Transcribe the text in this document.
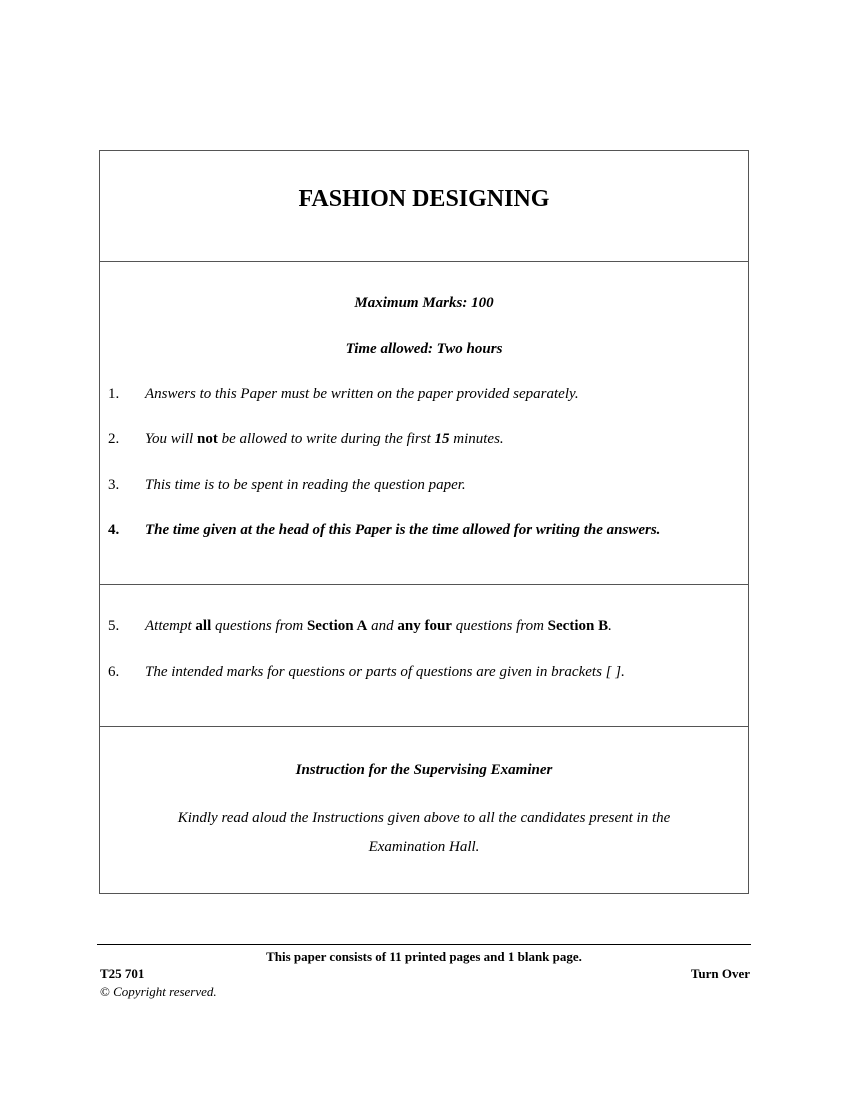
FASHION DESIGNING
Maximum Marks: 100
Time allowed: Two hours
1. Answers to this Paper must be written on the paper provided separately.
2. You will not be allowed to write during the first 15 minutes.
3. This time is to be spent in reading the question paper.
4. The time given at the head of this Paper is the time allowed for writing the answers.
5. Attempt all questions from Section A and any four questions from Section B.
6. The intended marks for questions or parts of questions are given in brackets [ ].
Instruction for the Supervising Examiner
Kindly read aloud the Instructions given above to all the candidates present in the Examination Hall.
This paper consists of 11 printed pages and 1 blank page.
T25 701	Turn Over
© Copyright reserved.
